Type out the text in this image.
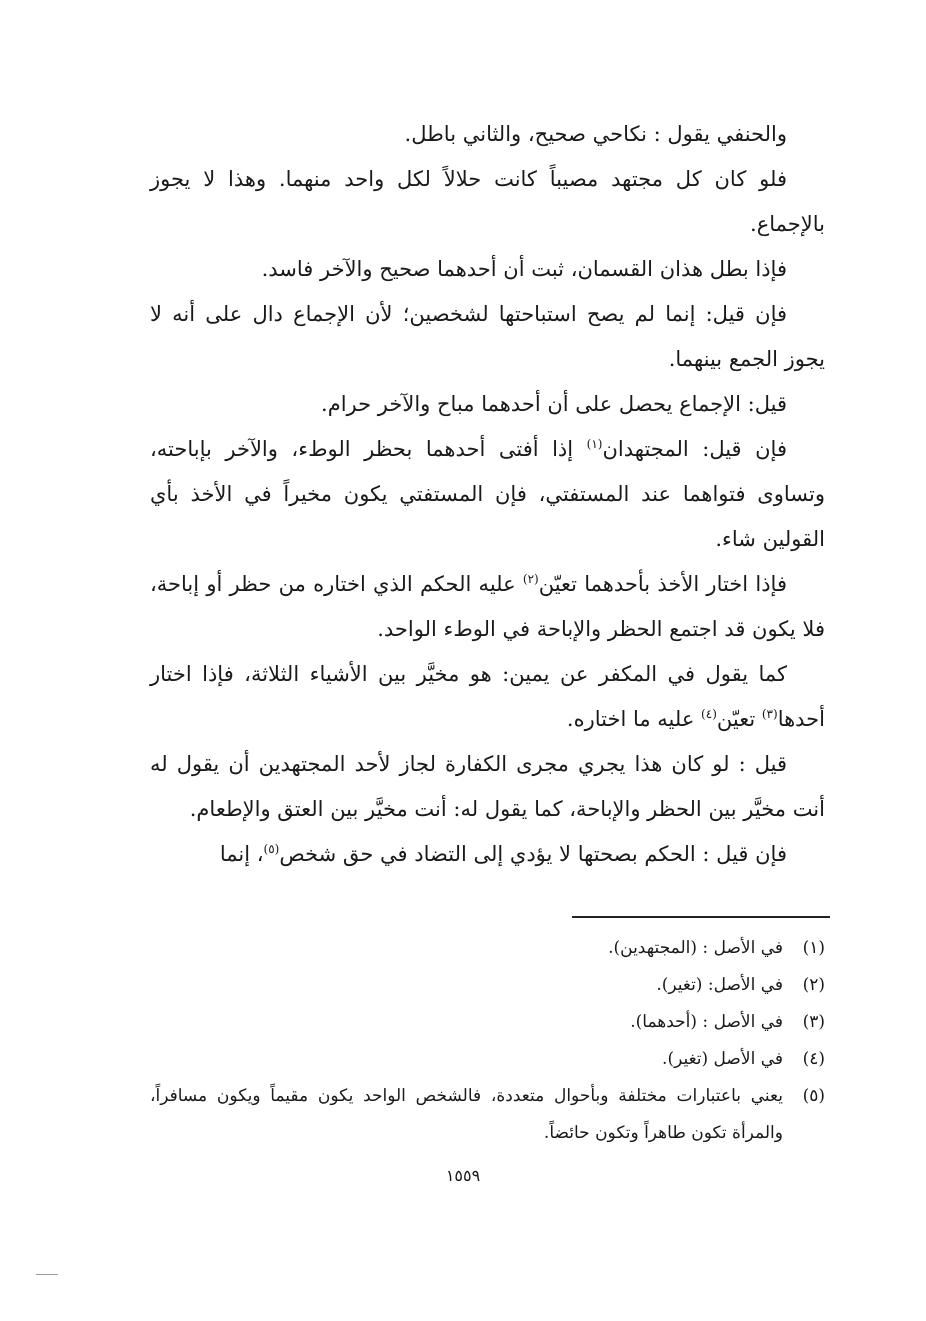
والحنفي يقول : نكاحي صحيح، والثاني باطل.

فلو كان كل مجتهد مصيباً كانت حلالاً لكل واحد منهما. وهذا لا يجوز بالإجماع.

فإذا بطل هذان القسمان، ثبت أن أحدهما صحيح والآخر فاسد.

فإن قيل: إنما لم يصح استباحتها لشخصين؛ لأن الإجماع دال على أنه لا يجوز الجمع بينهما.

قيل: الإجماع يحصل على أن أحدهما مباح والآخر حرام.

فإن قيل: المجتهدان$^{(١)}$ إذا أفتى أحدهما بحظر الوطء، والآخر بإباحته، وتساوى فتواهما عند المستفتي، فإن المستفتي يكون مخيراً في الأخذ بأي القولين شاء.

فإذا اختار الأخذ بأحدهما تعيّن$^{(٢)}$ عليه الحكم الذي اختاره من حظر أو إباحة، فلا يكون قد اجتمع الحظر والإباحة في الوطء الواحد.

كما يقول في المكفر عن يمين: هو مخيَّر بين الأشياء الثلاثة، فإذا اختار أحدها$^{(٣)}$ تعيّن$^{(٤)}$ عليه ما اختاره.

قيل : لو كان هذا يجري مجرى الكفارة لجاز لأحد المجتهدين أن يقول له أنت مخيَّر بين الحظر والإباحة، كما يقول له: أنت مخيَّر بين العتق والإطعام.

فإن قيل : الحكم بصحتها لا يؤدي إلى التضاد في حق شخص$^{(٥)}$، إنما

(١)
في الأصل : (المجتهدين).
(٢)
في الأصل: (تغير).
(٣)
في الأصل : (أحدهما).
(٤)
في الأصل (تغير).
(٥)
يعني باعتبارات مختلفة وبأحوال متعددة، فالشخص الواحد يكون مقيماً ويكون مسافراً، والمرأة تكون طاهراً وتكون حائضاً.
١٥٥٩
